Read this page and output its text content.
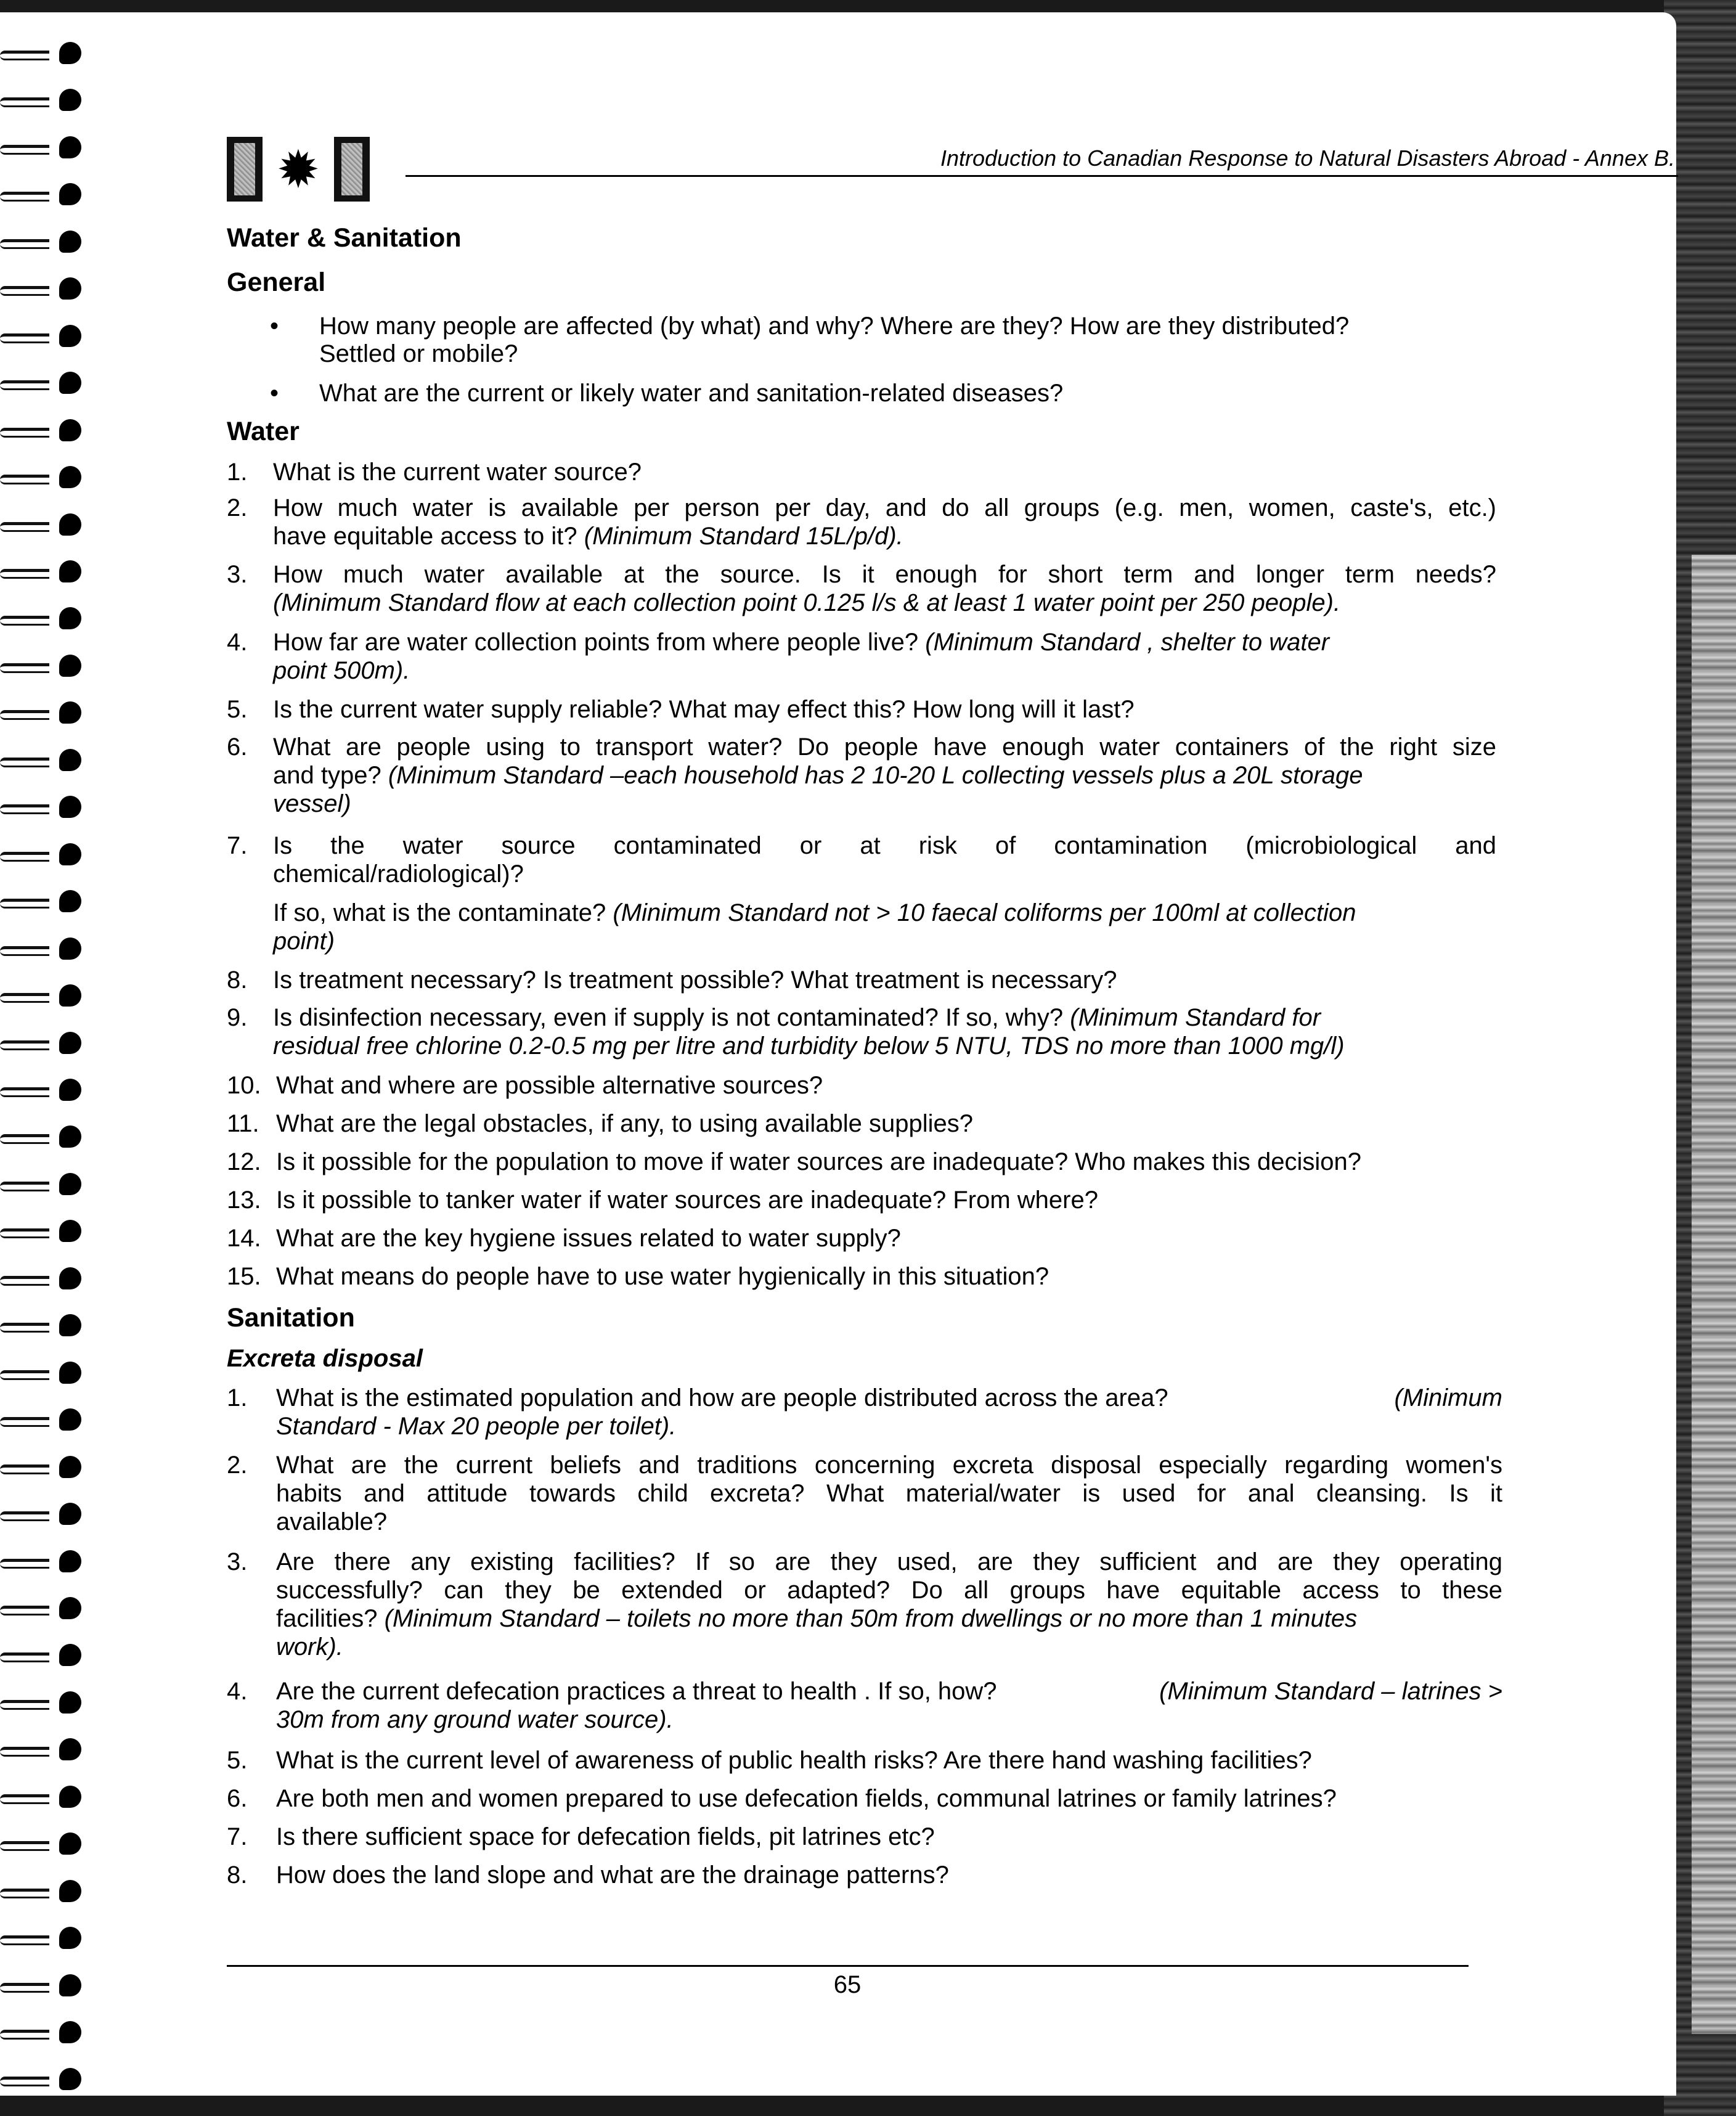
✹	Introduction to Canadian Response to Natural Disasters Abroad - Annex B.
Water & Sanitation
General
• How many people are affected (by what) and why? Where are they? How are they distributed?
Settled or mobile?
• What are the current or likely water and sanitation-related diseases?
Water
1. What is the current water source?
2. How much water is available per person per day, and do all groups (e.g. men, women, caste's, etc.)
have equitable access to it? (Minimum Standard 15L/p/d).
3. How much water available at the source. Is it enough for short term and longer term needs?
(Minimum Standard flow at each collection point 0.125 l/s & at least 1 water point per 250 people).
4. How far are water collection points from where people live? (Minimum Standard , shelter to water
point 500m).
5. Is the current water supply reliable? What may effect this? How long will it last?
6. What are people using to transport water? Do people have enough water containers of the right size
and type? (Minimum Standard –each household has 2 10-20 L collecting vessels plus a 20L storage
vessel)
7. Is the water source contaminated or at risk of contamination (microbiological and
chemical/radiological)?
If so, what is the contaminate? (Minimum Standard not > 10 faecal coliforms per 100ml at collection
point)
8. Is treatment necessary? Is treatment possible? What treatment is necessary?
9. Is disinfection necessary, even if supply is not contaminated? If so, why? (Minimum Standard for
residual free chlorine 0.2-0.5 mg per litre and turbidity below 5 NTU, TDS no more than 1000 mg/l)
10. What and where are possible alternative sources?
11. What are the legal obstacles, if any, to using available supplies?
12. Is it possible for the population to move if water sources are inadequate? Who makes this decision?
13. Is it possible to tanker water if water sources are inadequate? From where?
14. What are the key hygiene issues related to water supply?
15. What means do people have to use water hygienically in this situation?
Sanitation
Excreta disposal
1. What is the estimated population and how are people distributed across the area?	(Minimum
Standard - Max 20 people per toilet).
2. What are the current beliefs and traditions concerning excreta disposal especially regarding women's
habits and attitude towards child excreta? What material/water is used for anal cleansing. Is it
available?
3. Are there any existing facilities? If so are they used, are they sufficient and are they operating
successfully? can they be extended or adapted? Do all groups have equitable access to these
facilities? (Minimum Standard – toilets no more than 50m from dwellings or no more than 1 minutes
work).
4. Are the current defecation practices a threat to health . If so, how?	(Minimum Standard – latrines >
30m from any ground water source).
5. What is the current level of awareness of public health risks? Are there hand washing facilities?
6. Are both men and women prepared to use defecation fields, communal latrines or family latrines?
7. Is there sufficient space for defecation fields, pit latrines etc?
8. How does the land slope and what are the drainage patterns?
65
